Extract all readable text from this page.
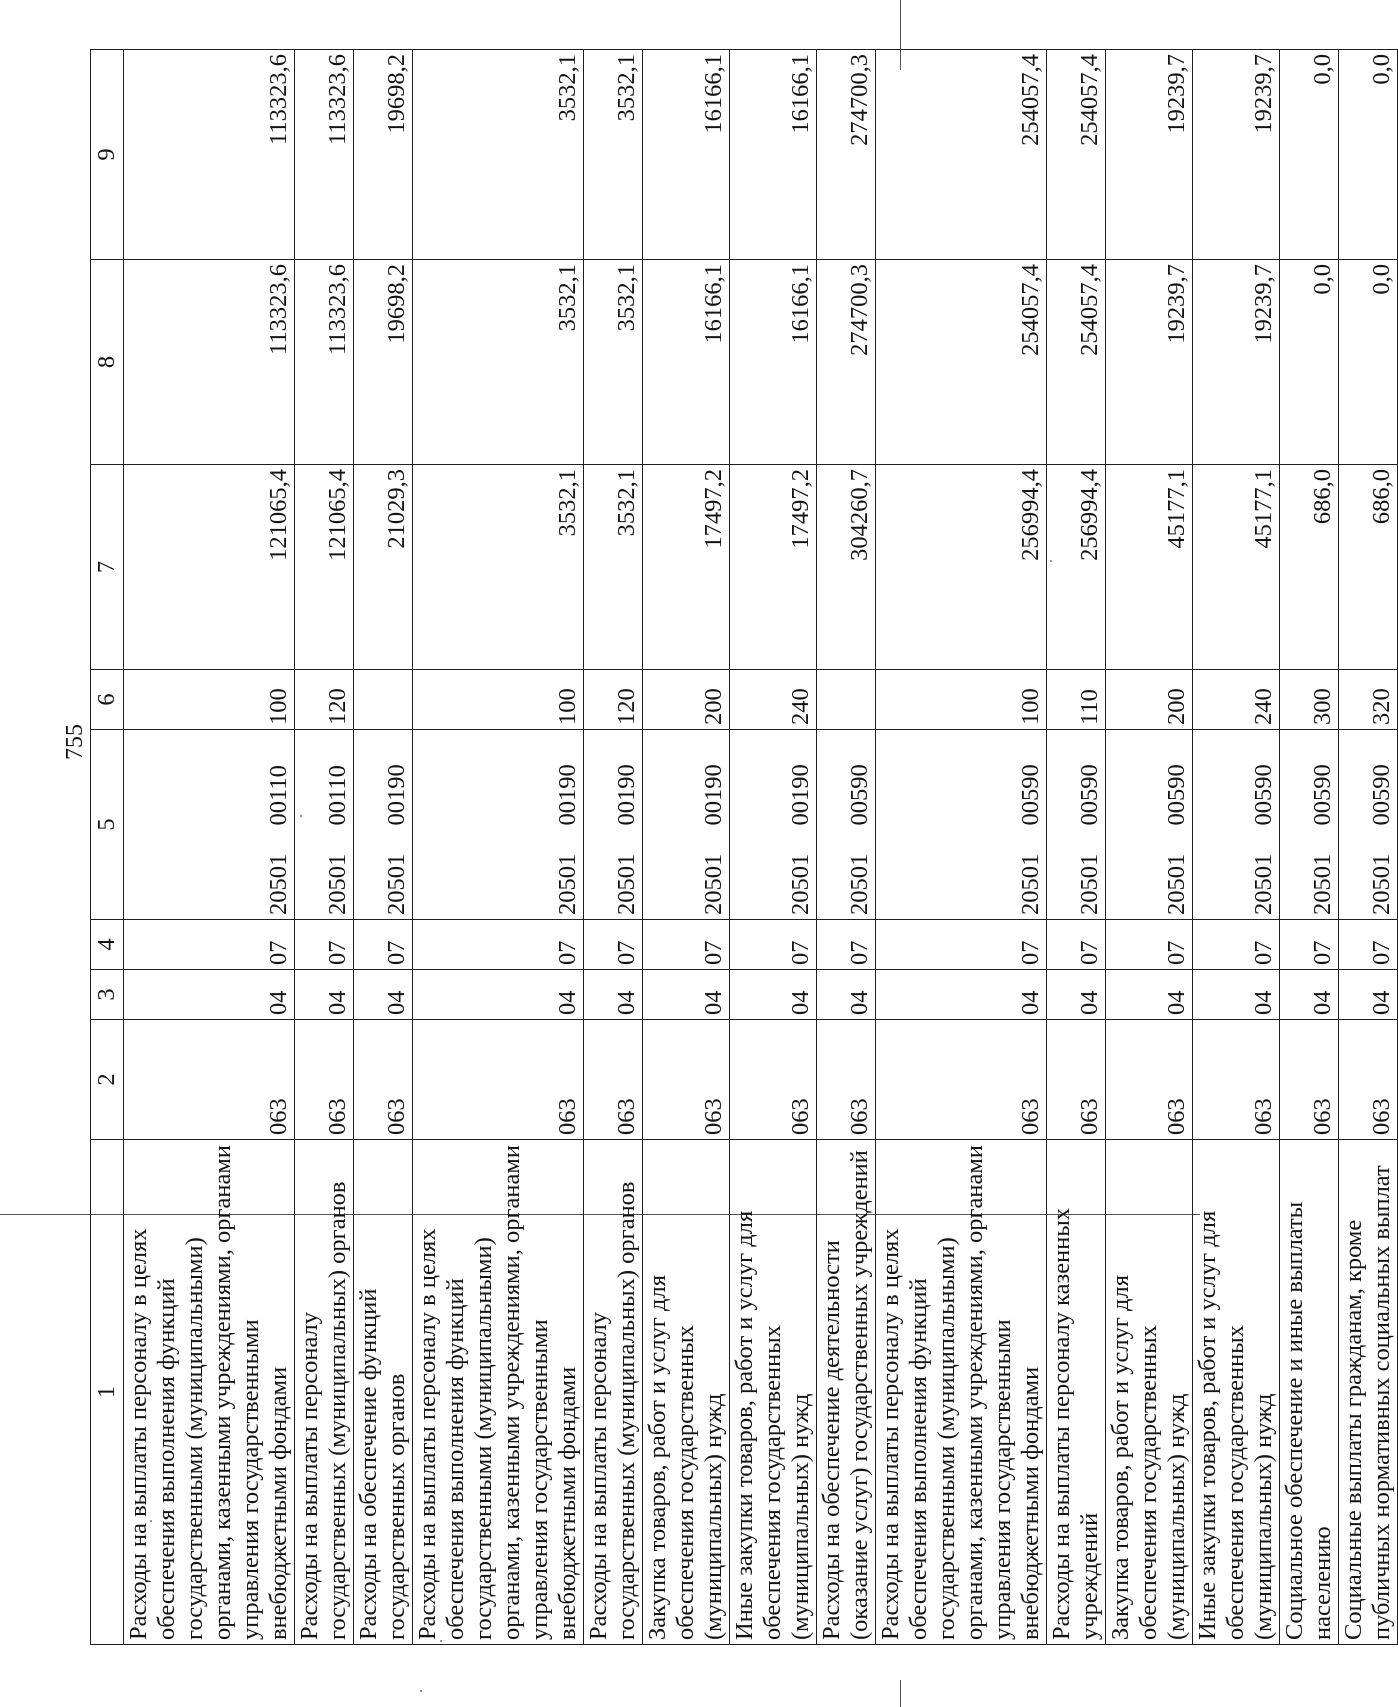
755
1	2	3	4	5		6	7	8	9
Расходы на выплаты персоналу в целях обеспечения выполнения функций государственными (муниципальными) органами, казенными учреждениями, органами управления государственными внебюджетными фондами	063	04	07	20501	00110	100	121065,4	113323,6	113323,6
Расходы на выплаты персоналу государственных (муниципальных) органов	063	04	07	20501	00110	120	121065,4	113323,6	113323,6
Расходы на обеспечение функций государственных органов	063	04	07	20501	00190		21029,3	19698,2	19698,2
Расходы на выплаты персоналу в целях обеспечения выполнения функций государственными (муниципальными) органами, казенными учреждениями, органами управления государственными внебюджетными фондами	063	04	07	20501	00190	100	3532,1	3532,1	3532,1
Расходы на выплаты персоналу государственных (муниципальных) органов	063	04	07	20501	00190	120	3532,1	3532,1	3532,1
Закупка товаров, работ и услуг для обеспечения государственных (муниципальных) нужд	063	04	07	20501	00190	200	17497,2	16166,1	16166,1
Иные закупки товаров, работ и услуг для обеспечения государственных (муниципальных) нужд	063	04	07	20501	00190	240	17497,2	16166,1	16166,1
Расходы на обеспечение деятельности (оказание услуг) государственных учреждений	063	04	07	20501	00590		304260,7	274700,3	274700,3
Расходы на выплаты персоналу в целях обеспечения выполнения функций государственными (муниципальными) органами, казенными учреждениями, органами управления государственными внебюджетными фондами	063	04	07	20501	00590	100	256994,4	254057,4	254057,4
Расходы на выплаты персоналу казенных учреждений	063	04	07	20501	00590	110	256994,4	254057,4	254057,4
Закупка товаров, работ и услуг для обеспечения государственных (муниципальных) нужд	063	04	07	20501	00590	200	45177,1	19239,7	19239,7
Иные закупки товаров, работ и услуг для обеспечения государственных (муниципальных) нужд	063	04	07	20501	00590	240	45177,1	19239,7	19239,7
Социальное обеспечение и иные выплаты населению	063	04	07	20501	00590	300	686,0	0,0	0,0
Социальные выплаты гражданам, кроме публичных нормативных социальных выплат	063	04	07	20501	00590	320	686,0	0,0	0,0
